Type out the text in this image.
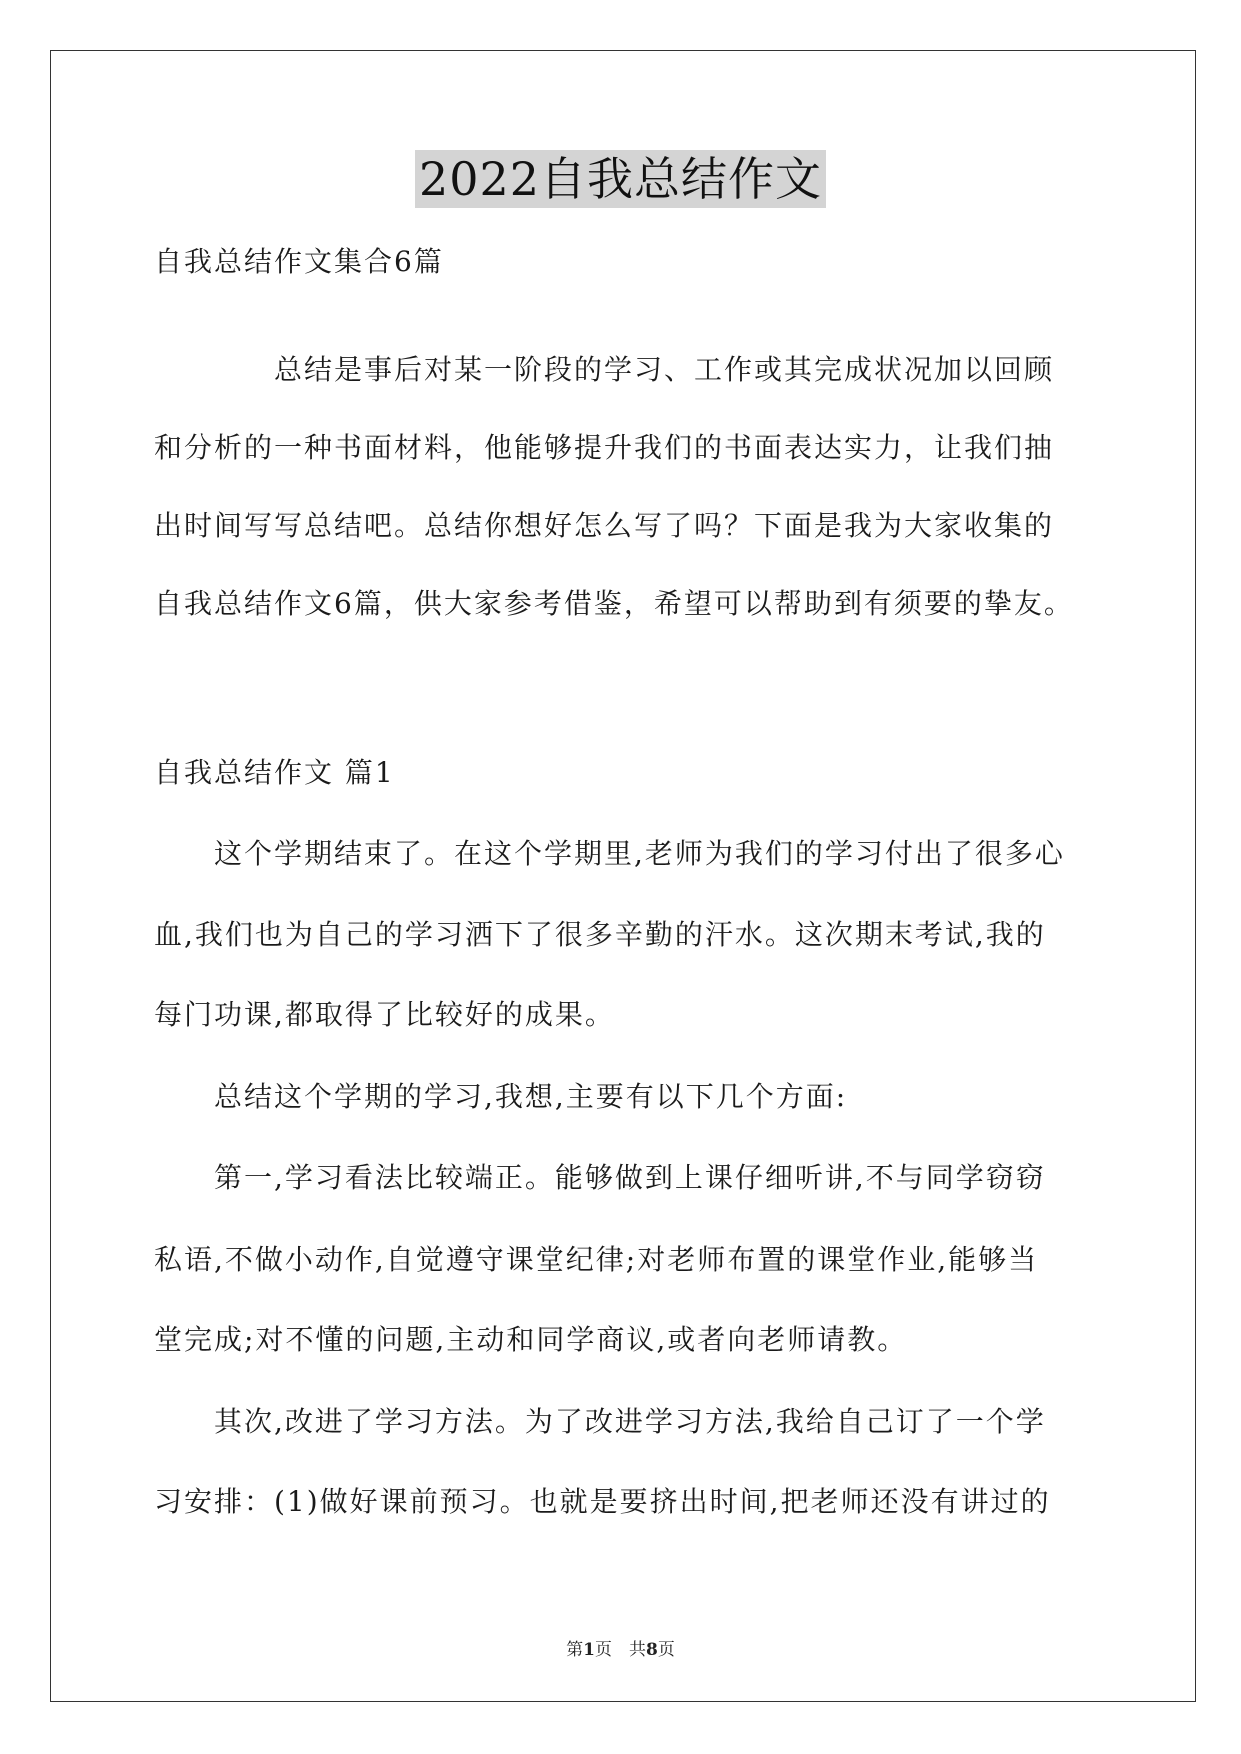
2022自我总结作文
自我总结作文集合6篇
　　　　总结是事后对某一阶段的学习、工作或其完成状况加以回顾
和分析的一种书面材料，他能够提升我们的书面表达实力，让我们抽
出时间写写总结吧。总结你想好怎么写了吗？下面是我为大家收集的
自我总结作文6篇，供大家参考借鉴，希望可以帮助到有须要的挚友。
自我总结作文 篇1
　　这个学期结束了。在这个学期里,老师为我们的学习付出了很多心
血,我们也为自己的学习洒下了很多辛勤的汗水。这次期末考试,我的
每门功课,都取得了比较好的成果。
　　总结这个学期的学习,我想,主要有以下几个方面:
　　第一,学习看法比较端正。能够做到上课仔细听讲,不与同学窃窃
私语,不做小动作,自觉遵守课堂纪律;对老师布置的课堂作业,能够当
堂完成;对不懂的问题,主动和同学商议,或者向老师请教。
　　其次,改进了学习方法。为了改进学习方法,我给自己订了一个学
习安排：(1)做好课前预习。也就是要挤出时间,把老师还没有讲过的
第1页　共8页
